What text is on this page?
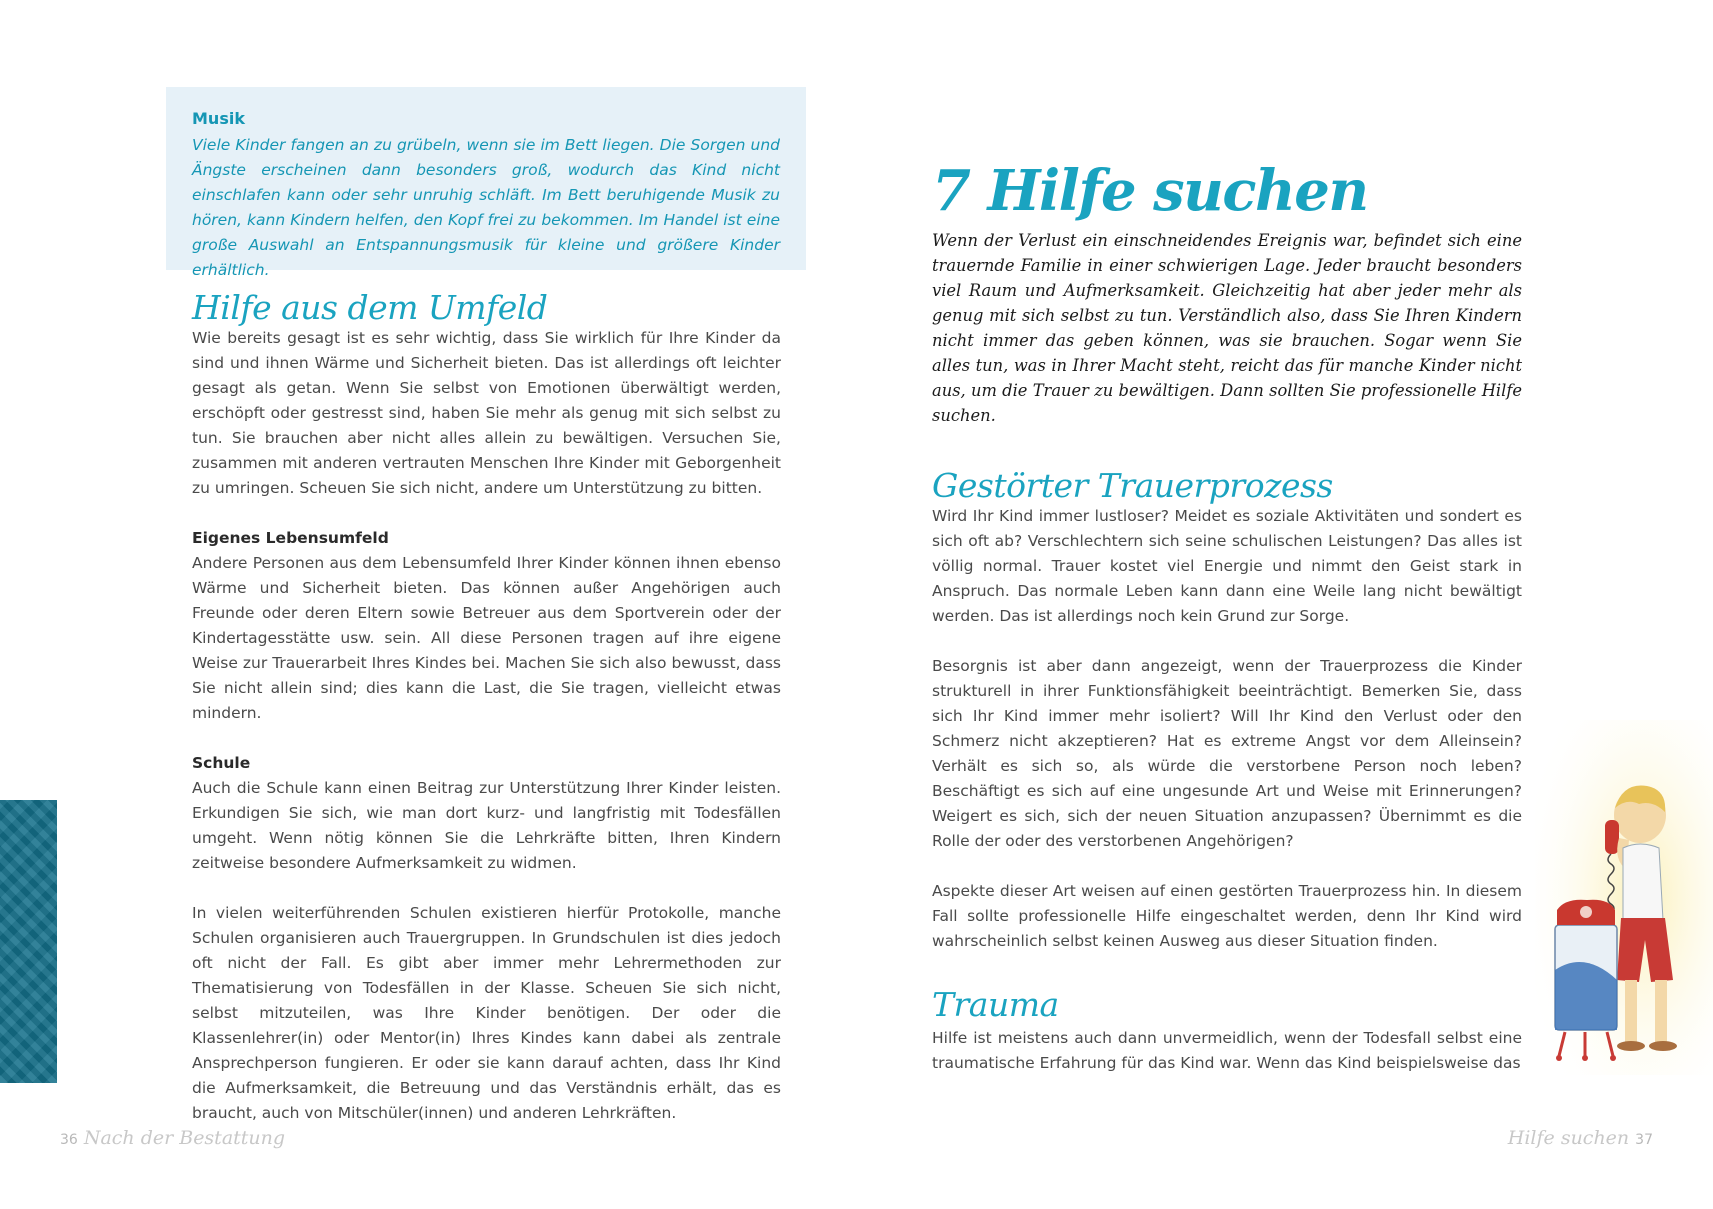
Musik

Viele Kinder fangen an zu grübeln, wenn sie im Bett liegen. Die Sorgen und Ängste erscheinen dann besonders groß, wodurch das Kind nicht einschlafen kann oder sehr unruhig schläft. Im Bett beruhigende Musik zu hören, kann Kindern helfen, den Kopf frei zu bekommen. Im Handel ist eine große Auswahl an Entspannungsmusik für kleine und größere Kinder erhältlich.

Hilfe aus dem Umfeld

Wie bereits gesagt ist es sehr wichtig, dass Sie wirklich für Ihre Kinder da sind und ihnen Wärme und Sicherheit bieten. Das ist allerdings oft leichter gesagt als getan. Wenn Sie selbst von Emotionen überwältigt werden, erschöpft oder gestresst sind, haben Sie mehr als genug mit sich selbst zu tun. Sie brauchen aber nicht alles allein zu bewältigen. Versuchen Sie, zusammen mit anderen vertrauten Menschen Ihre Kinder mit Geborgenheit zu umringen. Scheuen Sie sich nicht, andere um Unterstützung zu bitten.

Eigenes Lebensumfeld

Andere Personen aus dem Lebensumfeld Ihrer Kinder können ihnen ebenso Wärme und Sicherheit bieten. Das können außer Angehörigen auch Freunde oder deren Eltern sowie Betreuer aus dem Sportverein oder der Kindertagesstätte usw. sein. All diese Personen tragen auf ihre eigene Weise zur Trauerarbeit Ihres Kindes bei. Machen Sie sich also bewusst, dass Sie nicht allein sind; dies kann die Last, die Sie tragen, vielleicht etwas mindern.

Schule

Auch die Schule kann einen Beitrag zur Unterstützung Ihrer Kinder leisten. Erkundigen Sie sich, wie man dort kurz- und langfristig mit Todesfällen umgeht. Wenn nötig können Sie die Lehrkräfte bitten, Ihren Kindern zeitweise besondere Aufmerksamkeit zu widmen.

In vielen weiterführenden Schulen existieren hierfür Protokolle, manche Schulen organisieren auch Trauergruppen. In Grundschulen ist dies jedoch oft nicht der Fall. Es gibt aber immer mehr Lehrermethoden zur Thematisierung von Todesfällen in der Klasse. Scheuen Sie sich nicht, selbst mitzuteilen, was Ihre Kinder benötigen. Der oder die Klassenlehrer(in) oder Mentor(in) Ihres Kindes kann dabei als zentrale Ansprechperson fungieren. Er oder sie kann darauf achten, dass Ihr Kind die Aufmerksamkeit, die Betreuung und das Verständnis erhält, das es braucht, auch von Mitschüler(innen) und anderen Lehrkräften.

36 Nach der Bestattung
7 Hilfe suchen

Wenn der Verlust ein einschneidendes Ereignis war, befindet sich eine trauernde Familie in einer schwierigen Lage. Jeder braucht besonders viel Raum und Aufmerksamkeit. Gleichzeitig hat aber jeder mehr als genug mit sich selbst zu tun. Verständlich also, dass Sie Ihren Kindern nicht immer das geben können, was sie brauchen. Sogar wenn Sie alles tun, was in Ihrer Macht steht, reicht das für manche Kinder nicht aus, um die Trauer zu bewältigen. Dann sollten Sie professionelle Hilfe suchen.

Gestörter Trauerprozess

Wird Ihr Kind immer lustloser? Meidet es soziale Aktivitäten und sondert es sich oft ab? Verschlechtern sich seine schulischen Leistungen? Das alles ist völlig normal. Trauer kostet viel Energie und nimmt den Geist stark in Anspruch. Das normale Leben kann dann eine Weile lang nicht bewältigt werden. Das ist allerdings noch kein Grund zur Sorge.

Besorgnis ist aber dann angezeigt, wenn der Trauerprozess die Kinder strukturell in ihrer Funktionsfähigkeit beeinträchtigt. Bemerken Sie, dass sich Ihr Kind immer mehr isoliert? Will Ihr Kind den Verlust oder den Schmerz nicht akzeptieren? Hat es extreme Angst vor dem Alleinsein? Verhält es sich so, als würde die verstorbene Person noch leben? Beschäftigt es sich auf eine ungesunde Art und Weise mit Erinnerungen? Weigert es sich, sich der neuen Situation anzupassen? Übernimmt es die Rolle der oder des verstorbenen Angehörigen?

Aspekte dieser Art weisen auf einen gestörten Trauerprozess hin. In diesem Fall sollte professionelle Hilfe eingeschaltet werden, denn Ihr Kind wird wahrscheinlich selbst keinen Ausweg aus dieser Situation finden.

Trauma

Hilfe ist meistens auch dann unvermeidlich, wenn der Todesfall selbst eine traumatische Erfahrung für das Kind war. Wenn das Kind beispielsweise das

Hilfe suchen 37
